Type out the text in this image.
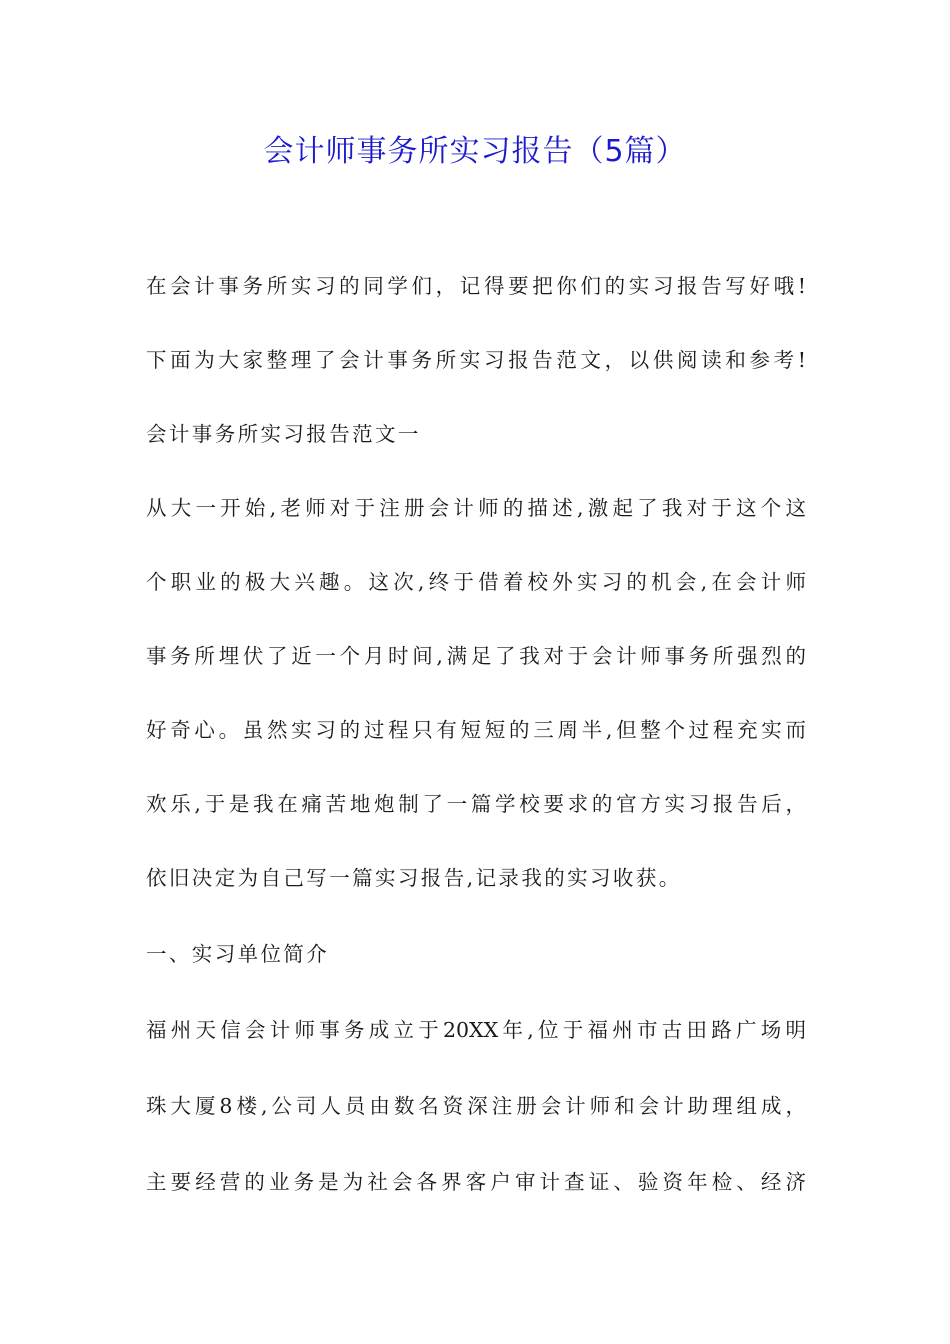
会计师事务所实习报告（5篇）

在会计事务所实习的同学们，记得要把你们的实习报告写好哦!

下面为大家整理了会计事务所实习报告范文，以供阅读和参考!

会计事务所实习报告范文一

从大一开始,老师对于注册会计师的描述,激起了我对于这个这

个职业的极大兴趣。这次,终于借着校外实习的机会,在会计师

事务所埋伏了近一个月时间,满足了我对于会计师事务所强烈的

好奇心。虽然实习的过程只有短短的三周半,但整个过程充实而

欢乐,于是我在痛苦地炮制了一篇学校要求的官方实习报告后，

依旧决定为自己写一篇实习报告,记录我的实习收获。

一、实习单位简介

福州天信会计师事务成立于20XX年,位于福州市古田路广场明

珠大厦8楼,公司人员由数名资深注册会计师和会计助理组成，

主要经营的业务是为社会各界客户审计查证、验资年检、经济
